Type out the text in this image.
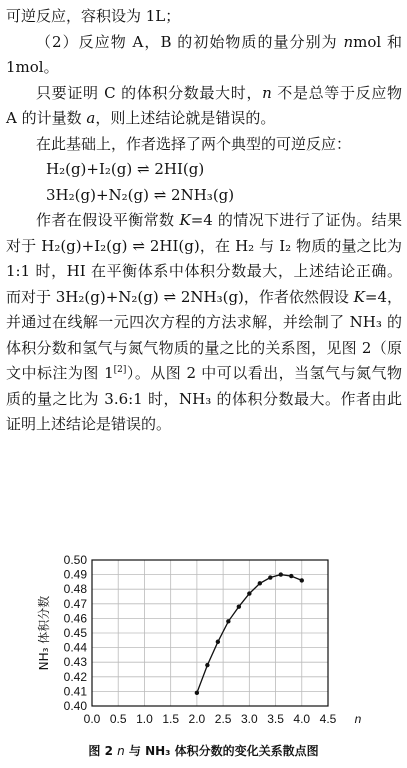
可逆反应，容积设为 1L；

（2）反应物 A，B 的初始物质的量分别为 nmol 和 1mol。

只要证明 C 的体积分数最大时，n 不是总等于反应物 A 的计量数 a，则上述结论就是错误的。

在此基础上，作者选择了两个典型的可逆反应：

H₂(g)+I₂(g) ⇌ 2HI(g)

3H₂(g)+N₂(g) ⇌ 2NH₃(g)

作者在假设平衡常数 K=4 的情况下进行了证伪。结果对于 H₂(g)+I₂(g) ⇌ 2HI(g)，在 H₂ 与 I₂ 物质的量之比为 1:1 时，HI 在平衡体系中体积分数最大，上述结论正确。而对于 3H₂(g)+N₂(g) ⇌ 2NH₃(g)，作者依然假设 K=4，并通过在线解一元四次方程的方法求解，并绘制了 NH₃ 的体积分数和氢气与氮气物质的量之比的关系图，见图 2（原文中标注为图 1[2]）。从图 2 中可以看出，当氢气与氮气物质的量之比为 3.6:1 时，NH₃ 的体积分数最大。作者由此证明上述结论是错误的。

0.40
0.41
0.42
0.43
0.44
0.45
0.46
0.47
0.48
0.49
0.50
0.0 0.5 1.0 1.5 2.0 2.5 3.0 3.5 4.0 4.5
NH₃ 体积分数
n
图 2 n 与 NH₃ 体积分数的变化关系散点图
